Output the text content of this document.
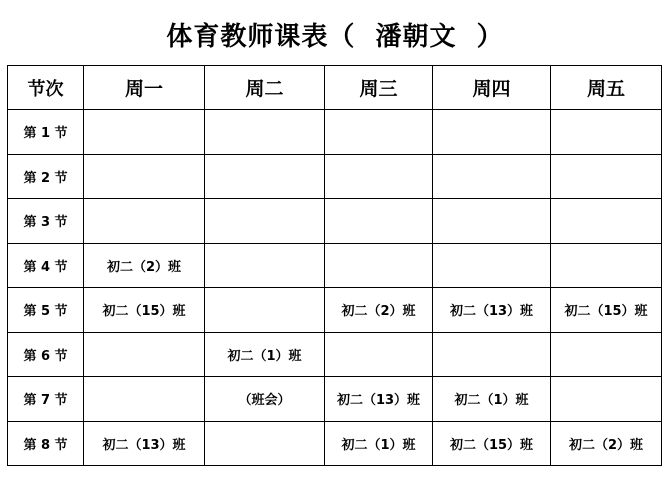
体育教师课表（  潘朝文  ）
节次	周一	周二	周三	周四	周五
第 1 节					
第 2 节					
第 3 节					
第 4 节	初二（2）班				
第 5 节	初二（15）班		初二（2）班	初二（13）班	初二（15）班
第 6 节		初二（1）班			
第 7 节		（班会）	初二（13）班	初二（1）班	
第 8 节	初二（13）班		初二（1）班	初二（15）班	初二（2）班
